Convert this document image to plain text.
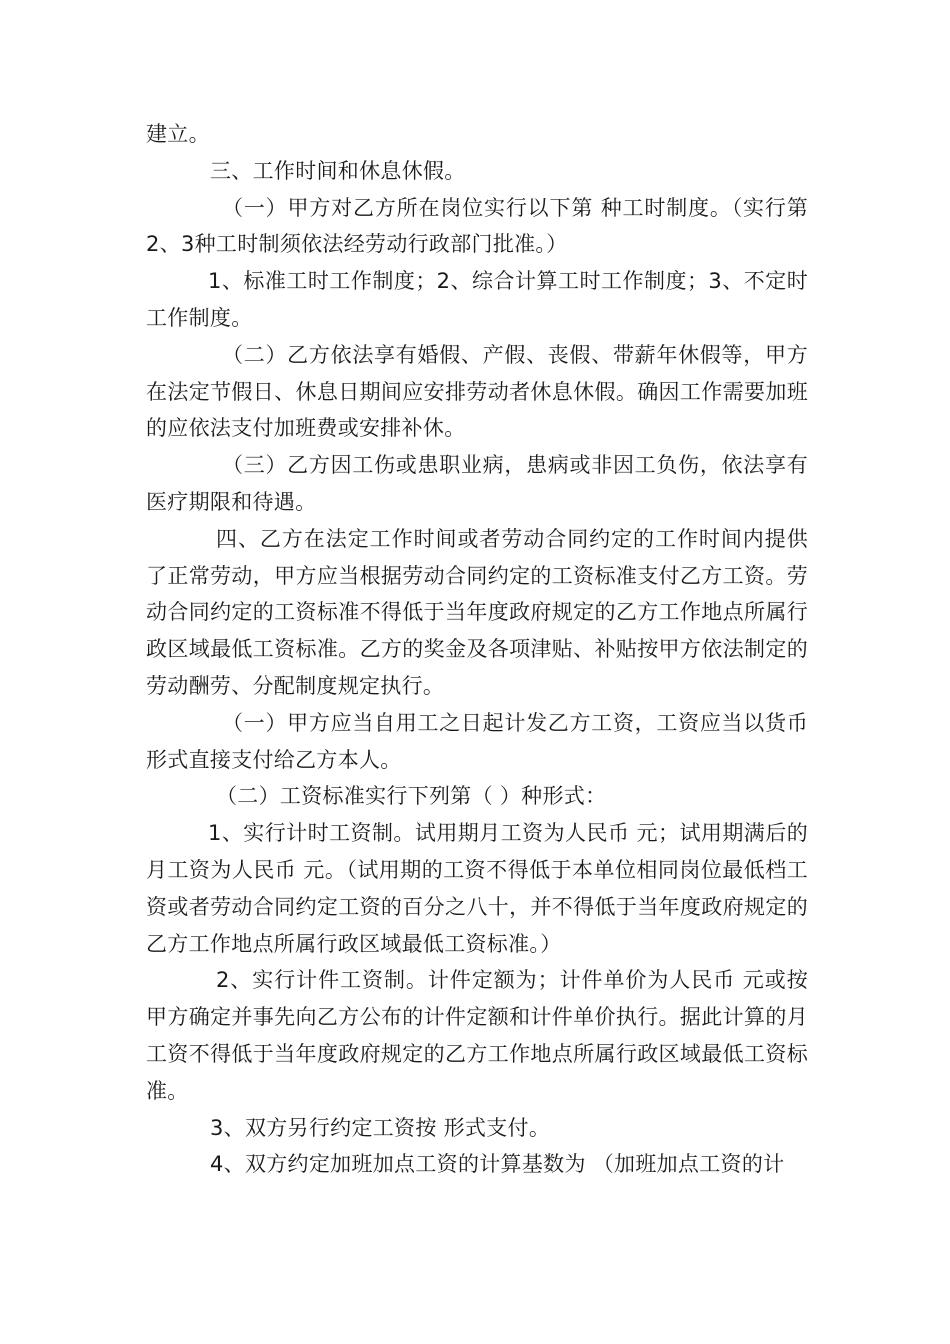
建立。

三、工作时间和休息休假。

（一）甲方对乙方所在岗位实行以下第 种工时制度。（实行第2、3种工时制须依法经劳动行政部门批准。）

1、标准工时工作制度；2、综合计算工时工作制度；3、不定时工作制度。

（二）乙方依法享有婚假、产假、丧假、带薪年休假等，甲方在法定节假日、休息日期间应安排劳动者休息休假。确因工作需要加班的应依法支付加班费或安排补休。

（三）乙方因工伤或患职业病，患病或非因工负伤，依法享有医疗期限和待遇。

四、乙方在法定工作时间或者劳动合同约定的工作时间内提供了正常劳动，甲方应当根据劳动合同约定的工资标准支付乙方工资。劳动合同约定的工资标准不得低于当年度政府规定的乙方工作地点所属行政区域最低工资标准。乙方的奖金及各项津贴、补贴按甲方依法制定的劳动酬劳、分配制度规定执行。

（一）甲方应当自用工之日起计发乙方工资，工资应当以货币形式直接支付给乙方本人。

（二）工资标准实行下列第（ ）种形式：

1、实行计时工资制。试用期月工资为人民币 元；试用期满后的月工资为人民币 元。（试用期的工资不得低于本单位相同岗位最低档工资或者劳动合同约定工资的百分之八十，并不得低于当年度政府规定的乙方工作地点所属行政区域最低工资标准。）

2、实行计件工资制。计件定额为；计件单价为人民币 元或按甲方确定并事先向乙方公布的计件定额和计件单价执行。据此计算的月工资不得低于当年度政府规定的乙方工作地点所属行政区域最低工资标准。

3、双方另行约定工资按 形式支付。

4、双方约定加班加点工资的计算基数为 （加班加点工资的计
